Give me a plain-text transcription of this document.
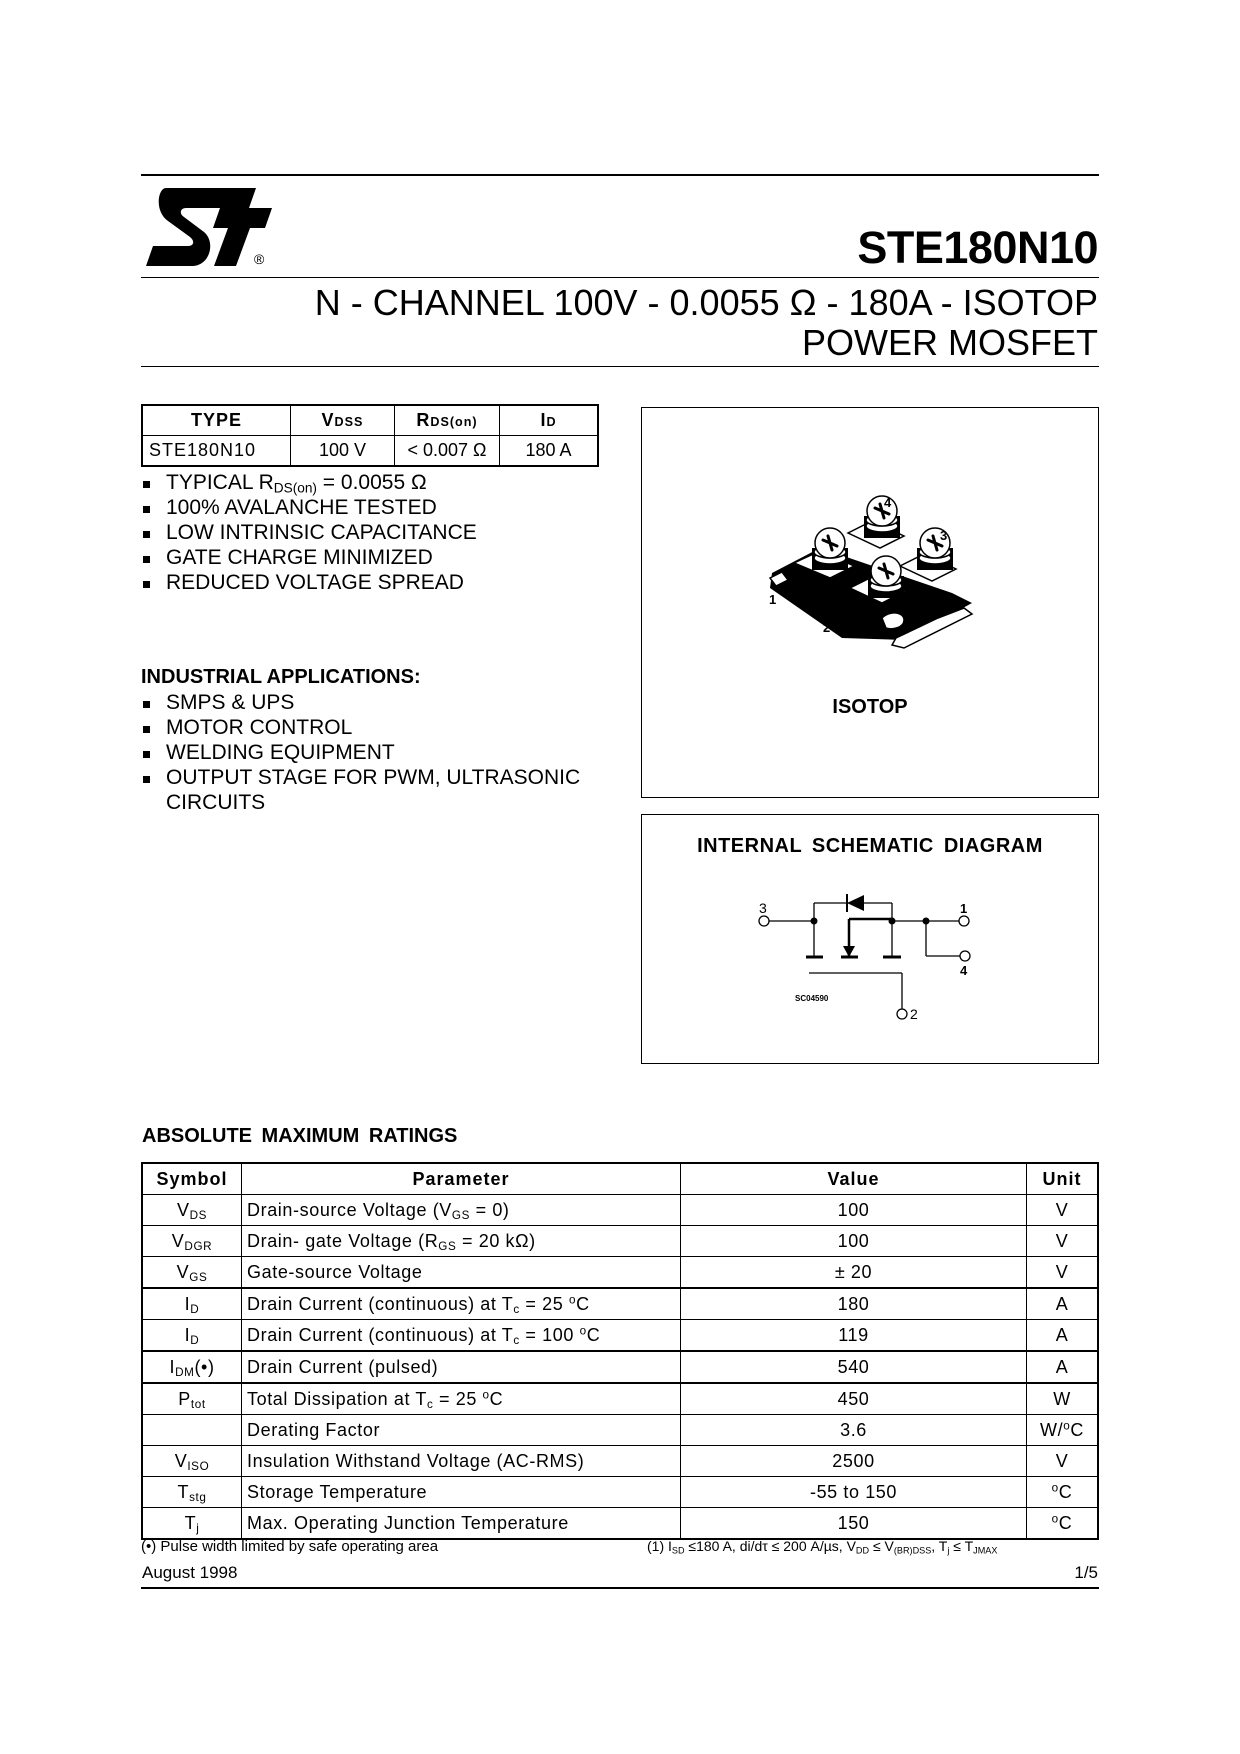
®	STE180N10
N - CHANNEL 100V - 0.0055 Ω - 180A - ISOTOP
POWER MOSFET
TYPE	VDSS	RDS(on)	ID
STE180N10	100 V	< 0.007 Ω	180 A
TYPICAL $R_{DS(on)} = 0.0055$ Ω
100% AVALANCHE TESTED
LOW INTRINSIC CAPACITANCE
GATE CHARGE MINIMIZED
REDUCED VOLTAGE SPREAD
INDUSTRIAL APPLICATIONS:
SMPS & UPS
MOTOR CONTROL
WELDING EQUIPMENT
OUTPUT STAGE FOR PWM, ULTRASONIC
CIRCUITS
1
2
3
4
ISOTOP
INTERNAL SCHEMATIC DIAGRAM
3	1
4
2
SC04590
ABSOLUTE MAXIMUM RATINGS
Symbol	Parameter	Value	Unit
$V_{DS}$	Drain-source Voltage $(V_{GS} = 0)$	100	V
$V_{DGR}$	Drain- gate Voltage ($R_{GS} = 20$ kΩ)	100	V
$V_{GS}$	Gate-source Voltage	± 20	V
$I_D$	Drain Current (continuous) at $T_c = 25$ $^o$C	180	A
$I_D$	Drain Current (continuous) at $T_c = 100$ $^o$C	119	A
$I_{DM}(•)$	Drain Current (pulsed)	540	A
$P_{tot}$	Total Dissipation at $T_c = 25$ $^o$C	450	W
	Derating Factor	3.6	W/$^o$C
$V_{ISO}$	Insulation Withstand Voltage (AC-RMS)	2500	V
$T_{stg}$	Storage Temperature	-55 to 150	$^o$C
$T_j$	Max. Operating Junction Temperature	150	$^o$C
(•) Pulse width limited by safe operating area	(1) $I_{SD} \le 180$ A, di/dτ ≤ 200 A/µs, $V_{DD} \le V_{(BR)DSS}$, $T_j \le T_{JMAX}$
August 1998	1/5
